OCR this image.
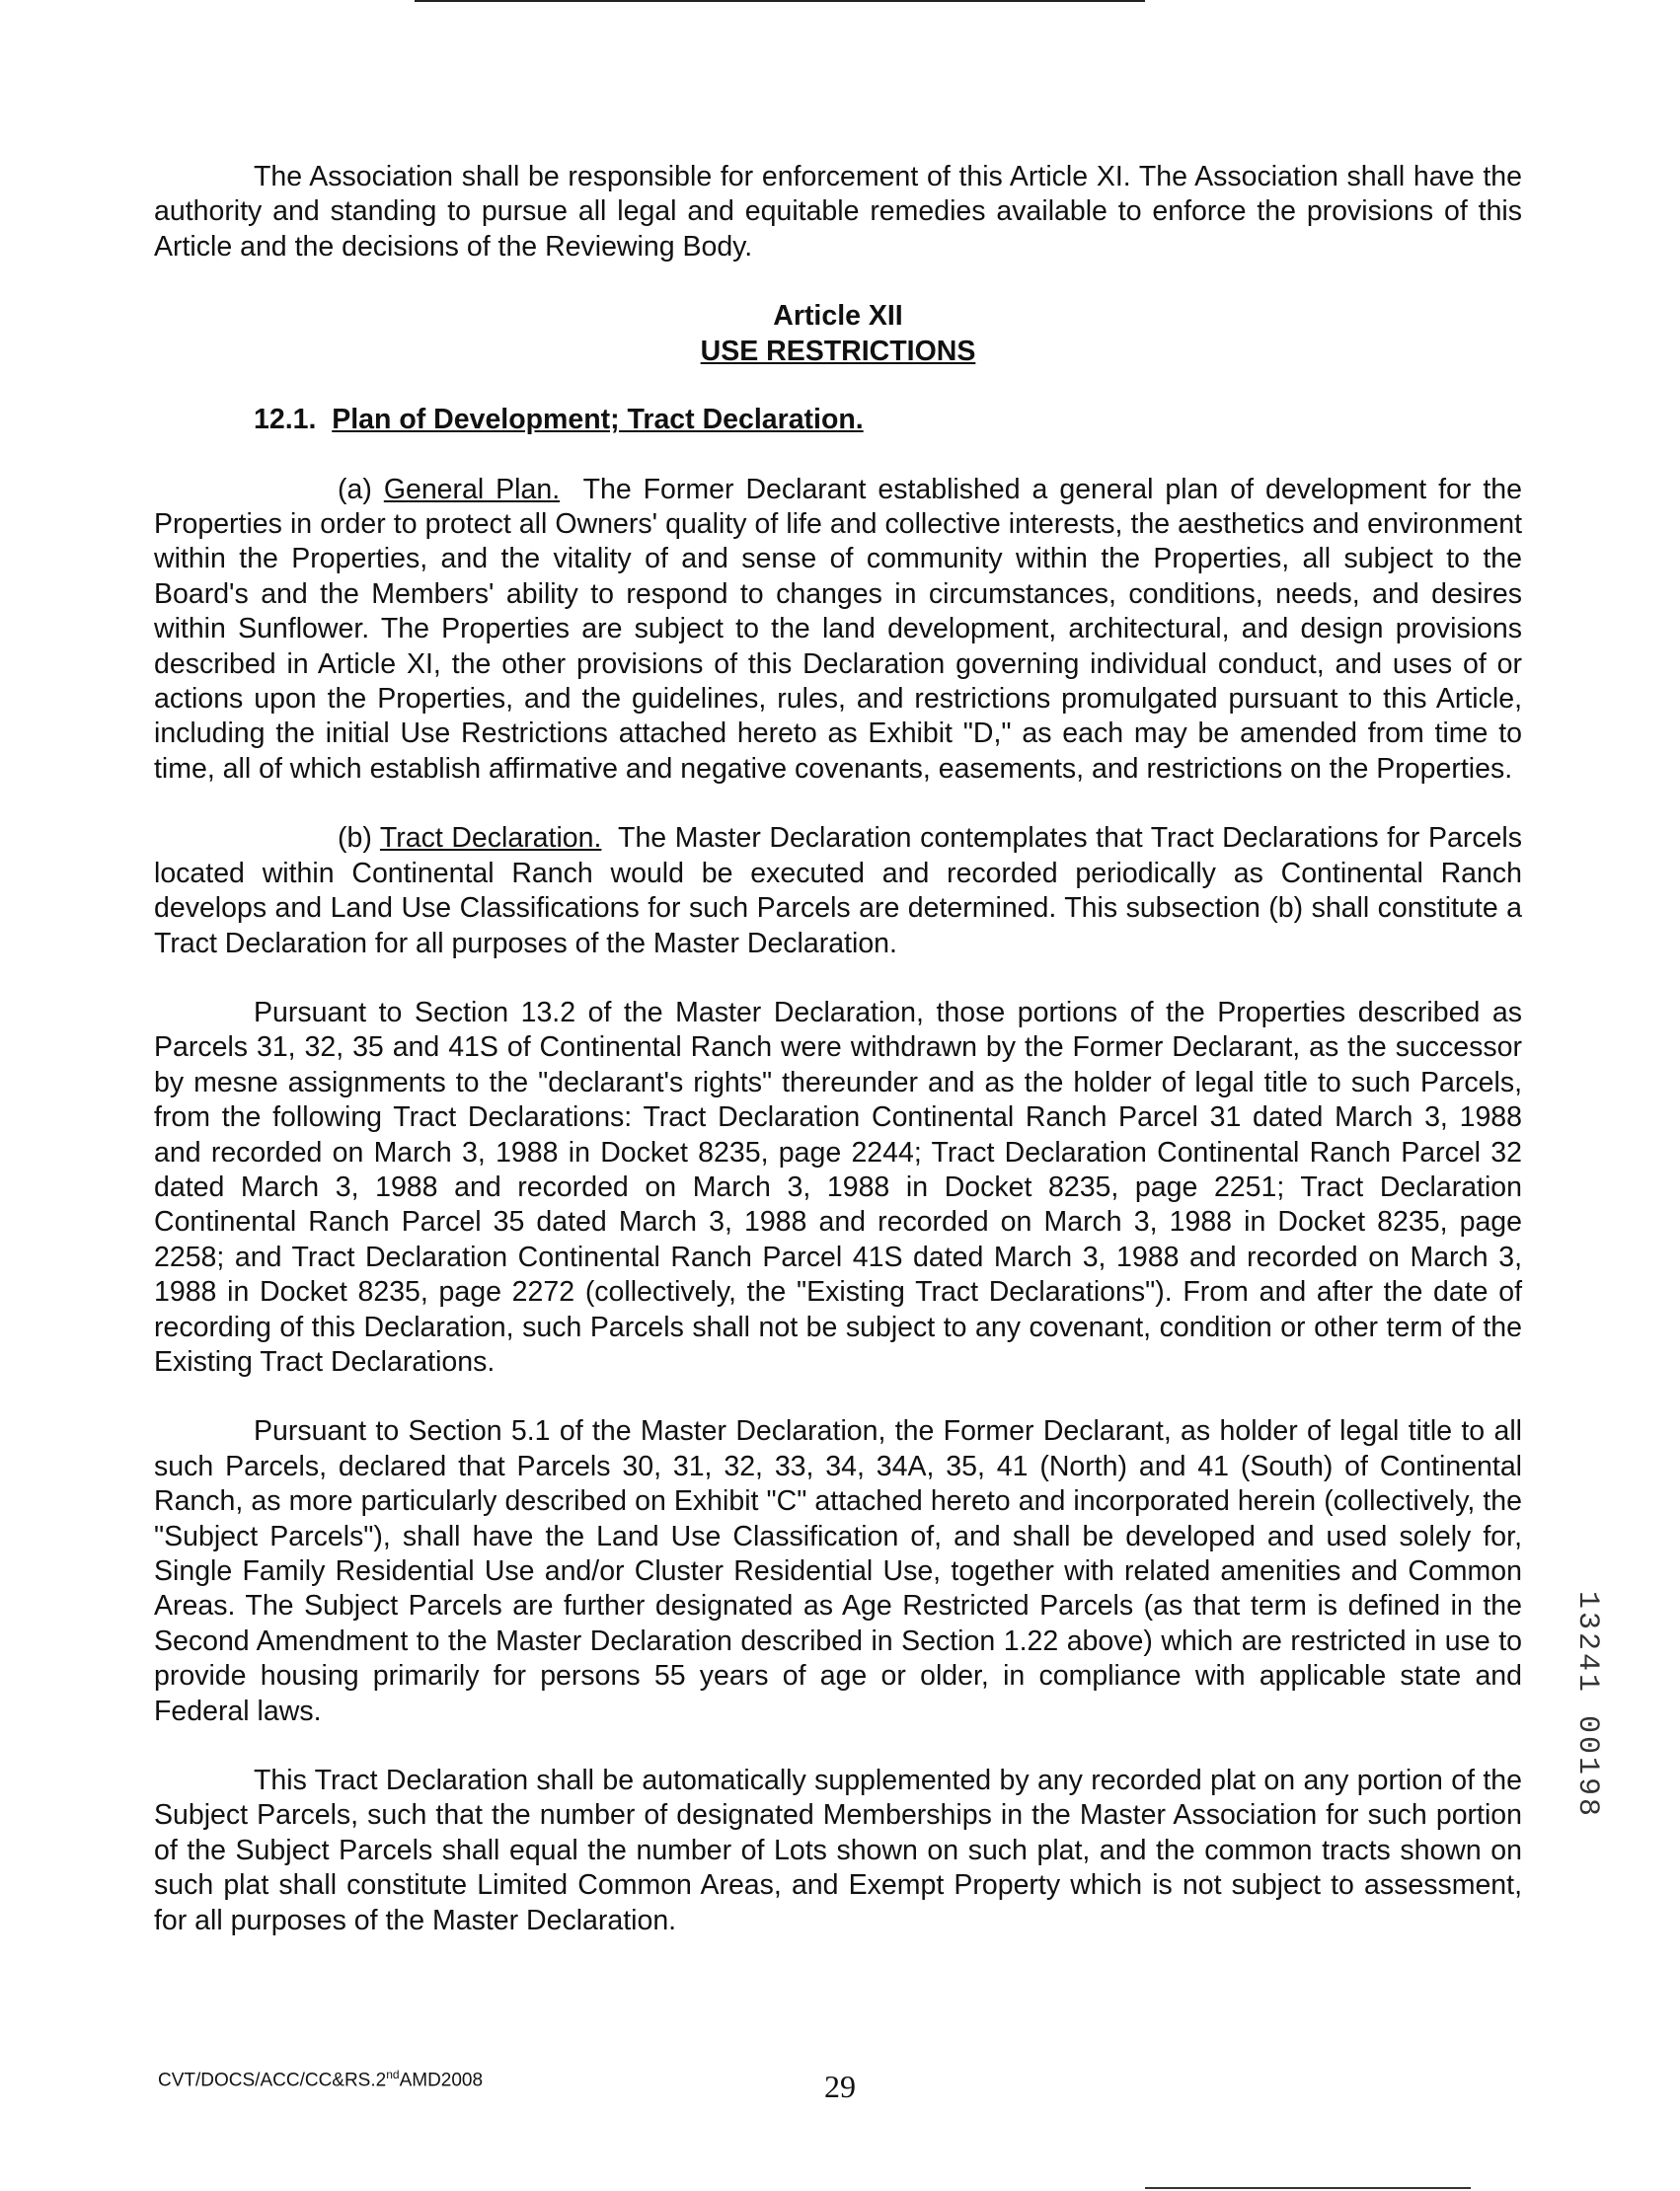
The Association shall be responsible for enforcement of this Article XI. The Association shall have the authority and standing to pursue all legal and equitable remedies available to enforce the provisions of this Article and the decisions of the Reviewing Body.

Article XII
USE RESTRICTIONS

12.1. Plan of Development; Tract Declaration.

(a) General Plan. The Former Declarant established a general plan of development for the Properties in order to protect all Owners' quality of life and collective interests, the aesthetics and environment within the Properties, and the vitality of and sense of community within the Properties, all subject to the Board's and the Members' ability to respond to changes in circumstances, conditions, needs, and desires within Sunflower. The Properties are subject to the land development, architectural, and design provisions described in Article XI, the other provisions of this Declaration governing individual conduct, and uses of or actions upon the Properties, and the guidelines, rules, and restrictions promulgated pursuant to this Article, including the initial Use Restrictions attached hereto as Exhibit "D," as each may be amended from time to time, all of which establish affirmative and negative covenants, easements, and restrictions on the Properties.

(b) Tract Declaration. The Master Declaration contemplates that Tract Declarations for Parcels located within Continental Ranch would be executed and recorded periodically as Continental Ranch develops and Land Use Classifications for such Parcels are determined. This subsection (b) shall constitute a Tract Declaration for all purposes of the Master Declaration.

Pursuant to Section 13.2 of the Master Declaration, those portions of the Properties described as Parcels 31, 32, 35 and 41S of Continental Ranch were withdrawn by the Former Declarant, as the successor by mesne assignments to the "declarant's rights" thereunder and as the holder of legal title to such Parcels, from the following Tract Declarations: Tract Declaration Continental Ranch Parcel 31 dated March 3, 1988 and recorded on March 3, 1988 in Docket 8235, page 2244; Tract Declaration Continental Ranch Parcel 32 dated March 3, 1988 and recorded on March 3, 1988 in Docket 8235, page 2251; Tract Declaration Continental Ranch Parcel 35 dated March 3, 1988 and recorded on March 3, 1988 in Docket 8235, page 2258; and Tract Declaration Continental Ranch Parcel 41S dated March 3, 1988 and recorded on March 3, 1988 in Docket 8235, page 2272 (collectively, the "Existing Tract Declarations"). From and after the date of recording of this Declaration, such Parcels shall not be subject to any covenant, condition or other term of the Existing Tract Declarations.

Pursuant to Section 5.1 of the Master Declaration, the Former Declarant, as holder of legal title to all such Parcels, declared that Parcels 30, 31, 32, 33, 34, 34A, 35, 41 (North) and 41 (South) of Continental Ranch, as more particularly described on Exhibit "C" attached hereto and incorporated herein (collectively, the "Subject Parcels"), shall have the Land Use Classification of, and shall be developed and used solely for, Single Family Residential Use and/or Cluster Residential Use, together with related amenities and Common Areas. The Subject Parcels are further designated as Age Restricted Parcels (as that term is defined in the Second Amendment to the Master Declaration described in Section 1.22 above) which are restricted in use to provide housing primarily for persons 55 years of age or older, in compliance with applicable state and Federal laws.

This Tract Declaration shall be automatically supplemented by any recorded plat on any portion of the Subject Parcels, such that the number of designated Memberships in the Master Association for such portion of the Subject Parcels shall equal the number of Lots shown on such plat, and the common tracts shown on such plat shall constitute Limited Common Areas, and Exempt Property which is not subject to assessment, for all purposes of the Master Declaration.

13241 00198
CVT/DOCS/ACC/CC&RS.2ndAMD2008	29
